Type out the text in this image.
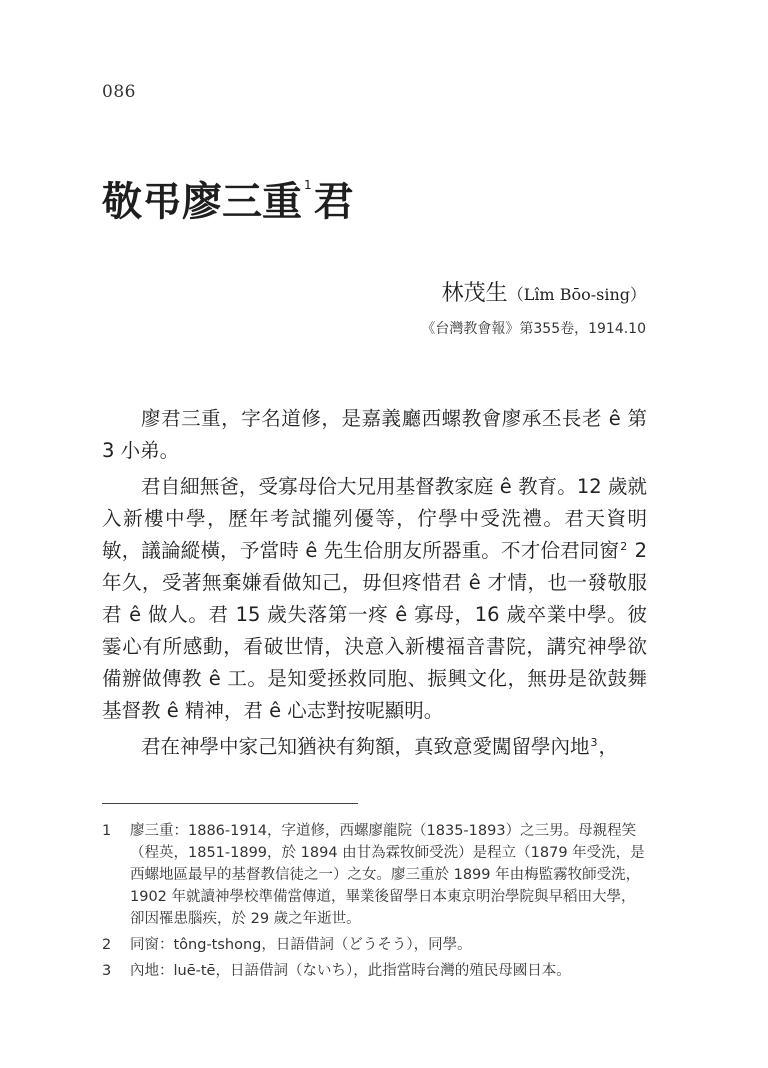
086
敬弔廖三重 $^1$君
林茂生（Lîm Bōo-sing）
《台灣教會報》第355卷，1914.10

廖君三重，字名道修，是嘉義廳西螺教會廖承丕長老 ê 第 3 小弟。

君自細無爸，受寡母佮大兄用基督教家庭 ê 教育。12 歲就入新樓中學，歷年考試攏列優等，佇學中受洗禮。君天資明敏，議論縱橫，予當時 ê 先生佮朋友所器重。不才佮君同窗$^2$ 2 年久，受著無棄嫌看做知己，毋但疼惜君 ê 才情，也一發敬服君 ê 做人。君 15 歲失落第一疼 ê 寡母，16 歲卒業中學。彼霎心有所感動，看破世情，決意入新樓福音書院，講究神學欲備辦做傳教 ê 工。是知愛拯救同胞、振興文化，無毋是欲鼓舞基督教 ê 精神，君 ê 心志對按呢顯明。

君在神學中家己知猶袂有夠額，真致意愛闖留學內地$^3$，

1 廖三重：1886-1914，字道修，西螺廖龍院（1835-1893）之三男。母親程笑（程英，1851-1899，於 1894 由甘為霖牧師受洗）是程立（1879 年受洗，是西螺地區最早的基督教信徒之一）之女。廖三重於 1899 年由梅監霧牧師受洗，1902 年就讀神學校準備當傳道，畢業後留學日本東京明治學院與早稻田大學，卻因罹患腦疾，於 29 歲之年逝世。
2 同窗：tông-tshong，日語借詞（どうそう），同學。
3 內地：luē-tē，日語借詞（ないち），此指當時台灣的殖民母國日本。
